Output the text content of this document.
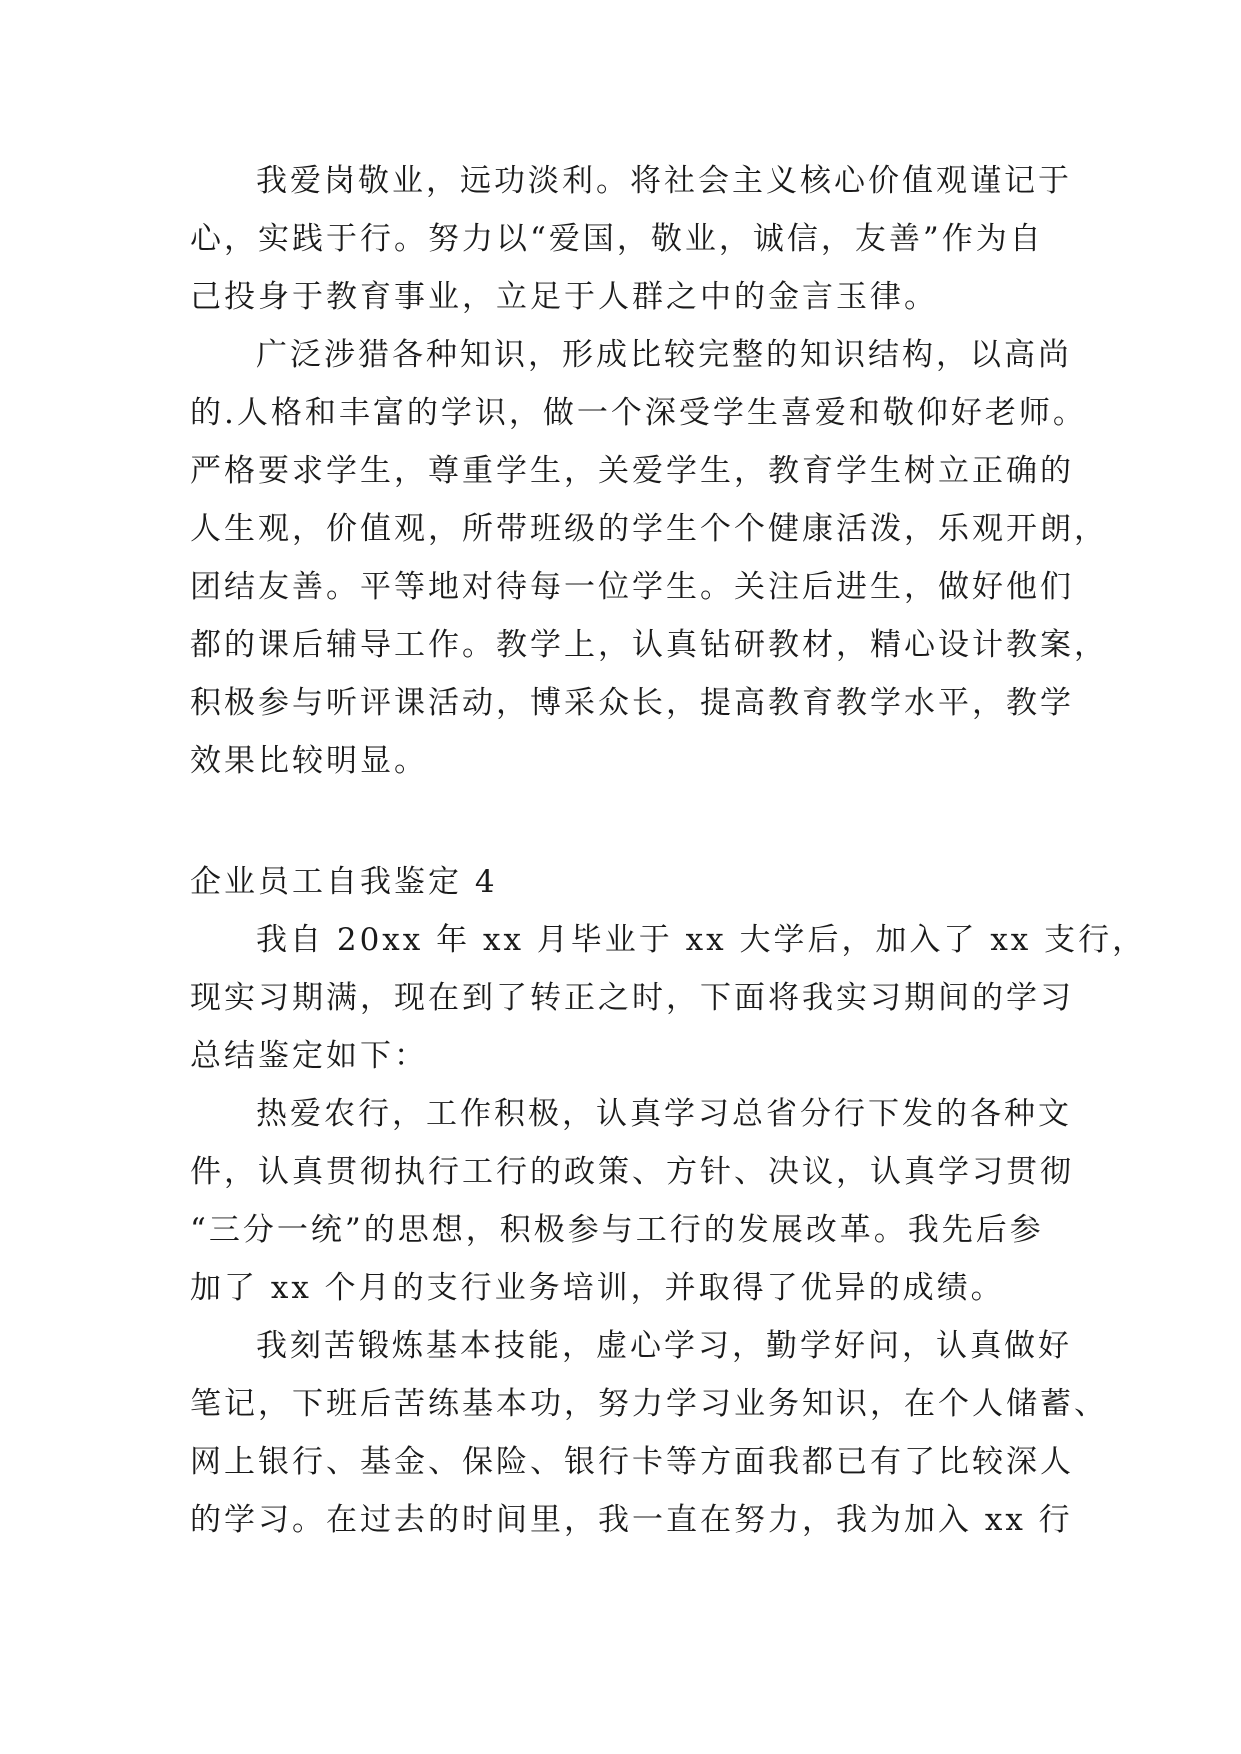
我爱岗敬业，远功淡利。将社会主义核心价值观谨记于
心，实践于行。努力以“爱国，敬业，诚信，友善”作为自
己投身于教育事业，立足于人群之中的金言玉律。
广泛涉猎各种知识，形成比较完整的知识结构，以高尚
的.人格和丰富的学识，做一个深受学生喜爱和敬仰好老师。
严格要求学生，尊重学生，关爱学生，教育学生树立正确的
人生观，价值观，所带班级的学生个个健康活泼，乐观开朗，
团结友善。平等地对待每一位学生。关注后进生，做好他们
都的课后辅导工作。教学上，认真钻研教材，精心设计教案，
积极参与听评课活动，博采众长，提高教育教学水平，教学
效果比较明显。
企业员工自我鉴定 4
我自 20xx 年 xx 月毕业于 xx 大学后，加入了 xx 支行，
现实习期满，现在到了转正之时，下面将我实习期间的学习
总结鉴定如下：
热爱农行，工作积极，认真学习总省分行下发的各种文
件，认真贯彻执行工行的政策、方针、决议，认真学习贯彻
“三分一统”的思想，积极参与工行的发展改革。我先后参
加了 xx 个月的支行业务培训，并取得了优异的成绩。
我刻苦锻炼基本技能，虚心学习，勤学好问，认真做好
笔记，下班后苦练基本功，努力学习业务知识，在个人储蓄、
网上银行、基金、保险、银行卡等方面我都已有了比较深人
的学习。在过去的时间里，我一直在努力，我为加入 xx 行
